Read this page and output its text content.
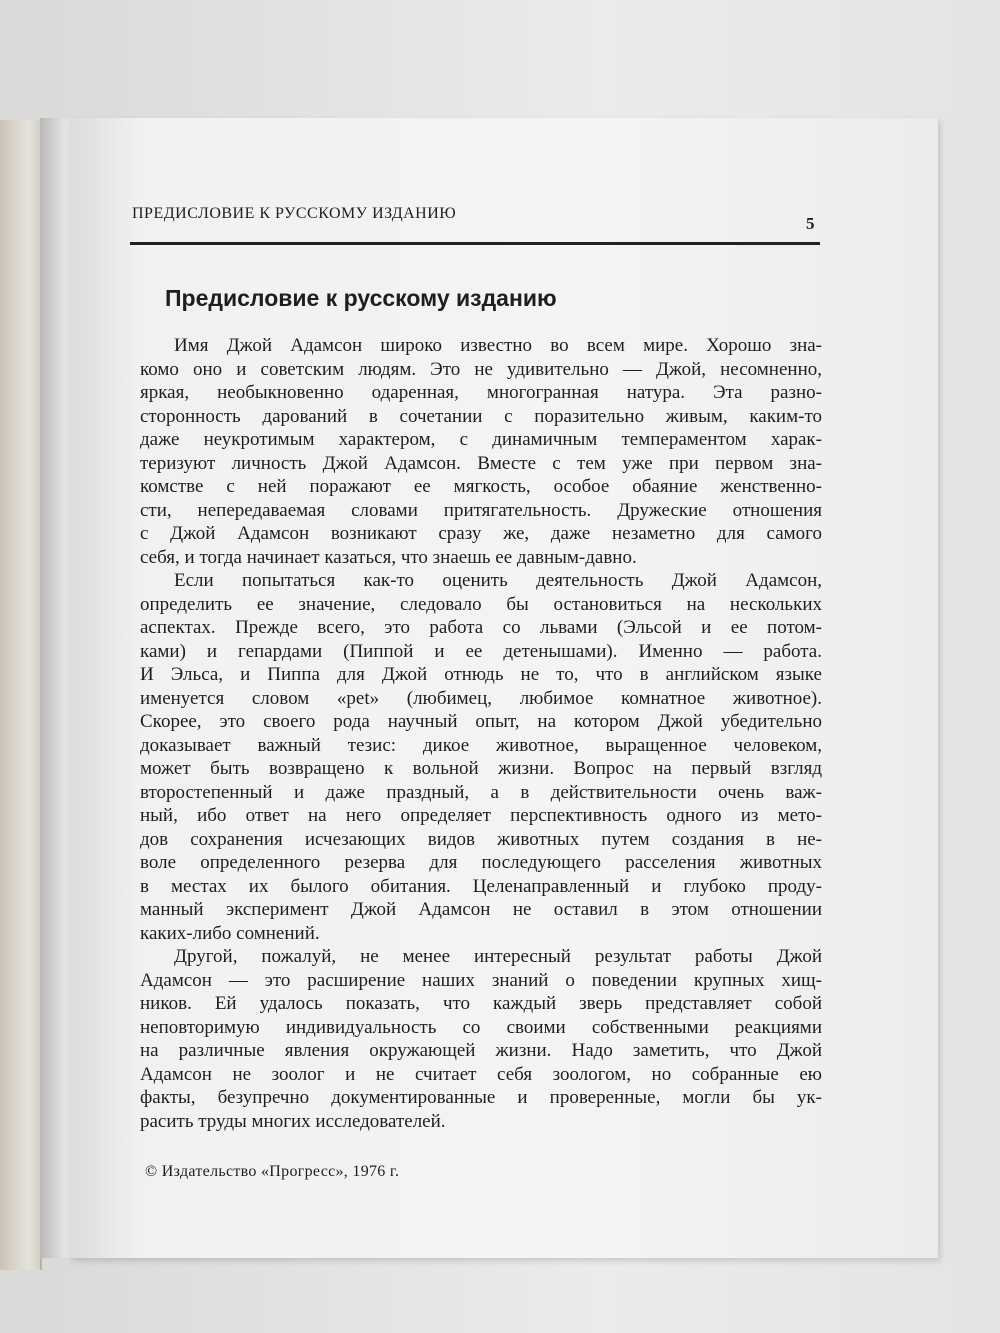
ПРЕДИСЛОВИЕ К РУССКОМУ ИЗДАНИЮ
5
Предисловие к русскому изданию
Имя Джой Адамсон широко известно во всем мире. Хорошо зна-
комо оно и советским людям. Это не удивительно — Джой, несомненно,
яркая, необыкновенно одаренная, многогранная натура. Эта разно-
сторонность дарований в сочетании с поразительно живым, каким-то
даже неукротимым характером, с динамичным темпераментом харак-
теризуют личность Джой Адамсон. Вместе с тем уже при первом зна-
комстве с ней поражают ее мягкость, особое обаяние женственно-
сти, непередаваемая словами притягательность. Дружеские отношения
с Джой Адамсон возникают сразу же, даже незаметно для самого
себя, и тогда начинает казаться, что знаешь ее давным-давно.
Если попытаться как-то оценить деятельность Джой Адамсон,
определить ее значение, следовало бы остановиться на нескольких
аспектах. Прежде всего, это работа со львами (Эльсой и ее потом-
ками) и гепардами (Пиппой и ее детенышами). Именно — работа.
И Эльса, и Пиппа для Джой отнюдь не то, что в английском языке
именуется словом «pet» (любимец, любимое комнатное животное).
Скорее, это своего рода научный опыт, на котором Джой убедительно
доказывает важный тезис: дикое животное, выращенное человеком,
может быть возвращено к вольной жизни. Вопрос на первый взгляд
второстепенный и даже праздный, а в действительности очень важ-
ный, ибо ответ на него определяет перспективность одного из мето-
дов сохранения исчезающих видов животных путем создания в не-
воле определенного резерва для последующего расселения животных
в местах их былого обитания. Целенаправленный и глубоко проду-
манный эксперимент Джой Адамсон не оставил в этом отношении
каких-либо сомнений.
Другой, пожалуй, не менее интересный результат работы Джой
Адамсон — это расширение наших знаний о поведении крупных хищ-
ников. Ей удалось показать, что каждый зверь представляет собой
неповторимую индивидуальность со своими собственными реакциями
на различные явления окружающей жизни. Надо заметить, что Джой
Адамсон не зоолог и не считает себя зоологом, но собранные ею
факты, безупречно документированные и проверенные, могли бы ук-
расить труды многих исследователей.
© Издательство «Прогресс», 1976 г.
